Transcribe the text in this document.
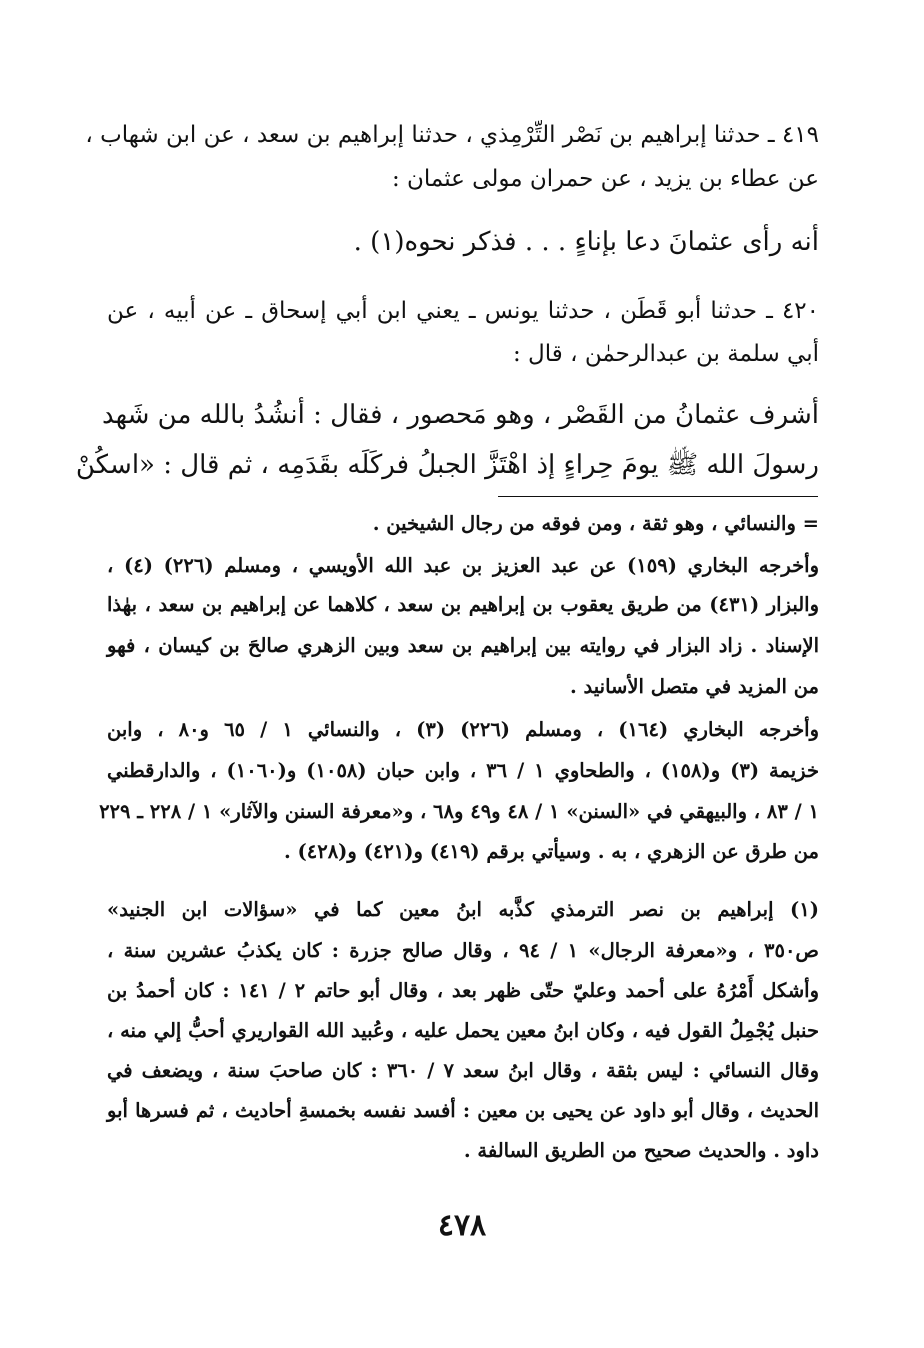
٤١٩ ـ حدثنا إبراهيم بن نَصْر التِّرْمِذي ، حدثنا إبراهيم بن سعد ، عن ابن شهاب ،
عن عطاء بن يزيد ، عن حمران مولى عثمان :
أنه رأى عثمانَ دعا بإناءٍ . . . فذكر نحوه(١) .
٤٢٠ ـ حدثنا أبو قَطَن ، حدثنا يونس ـ يعني ابن أبي إسحاق ـ عن أبيه ، عن
أبي سلمة بن عبدالرحمٰن ، قال :
أشرف عثمانُ من القَصْر ، وهو مَحصور ، فقال : أنشُدُ بالله من شَهد
رسولَ الله ﷺ يومَ حِراءٍ إذ اهْتَزَّ الجبلُ فركَلَه بقَدَمِه ، ثم قال : «اسكُنْ
= والنسائي ، وهو ثقة ، ومن فوقه من رجال الشيخين .
وأخرجه البخاري (١٥٩) عن عبد العزيز بن عبد الله الأويسي ، ومسلم (٢٢٦) (٤) ،
والبزار (٤٣١) من طريق يعقوب بن إبراهيم بن سعد ، كلاهما عن إبراهيم بن سعد ، بهٰذا
الإسناد . زاد البزار في روايته بين إبراهيم بن سعد وبين الزهري صالحَ بن كيسان ، فهو
من المزيد في متصل الأسانيد .
وأخرجه البخاري (١٦٤) ، ومسلم (٢٢٦) (٣) ، والنسائي ١ / ٦٥ و٨٠ ، وابن
خزيمة (٣) و(١٥٨) ، والطحاوي ١ / ٣٦ ، وابن حبان (١٠٥٨) و(١٠٦٠) ، والدارقطني
١ / ٨٣ ، والبيهقي في «السنن» ١ / ٤٨ و٤٩ و٦٨ ، و«معرفة السنن والآثار» ١ / ٢٢٨ ـ ٢٢٩
من طرق عن الزهري ، به . وسيأتي برقم (٤١٩) و(٤٢١) و(٤٢٨) .
(١) إبراهيم بن نصر الترمذي كذَّبه ابنُ معين كما في «سؤالات ابن الجنيد»
ص٣٥٠ ، و«معرفة الرجال» ١ / ٩٤ ، وقال صالح جزرة : كان يكذبُ عشرين سنة ،
وأشكل أَمْرُهُ على أحمد وعليّ حتّى ظهر بعد ، وقال أبو حاتم ٢ / ١٤١ : كان أحمدُ بن
حنبل يُجْمِلُ القول فيه ، وكان ابنُ معين يحمل عليه ، وعُبيد الله القواريري أحبُّ إلي منه ،
وقال النسائي : ليس بثقة ، وقال ابنُ سعد ٧ / ٣٦٠ : كان صاحبَ سنة ، ويضعف في
الحديث ، وقال أبو داود عن يحيى بن معين : أفسد نفسه بخمسةِ أحاديث ، ثم فسرها أبو
داود . والحديث صحيح من الطريق السالفة .
٤٧٨
